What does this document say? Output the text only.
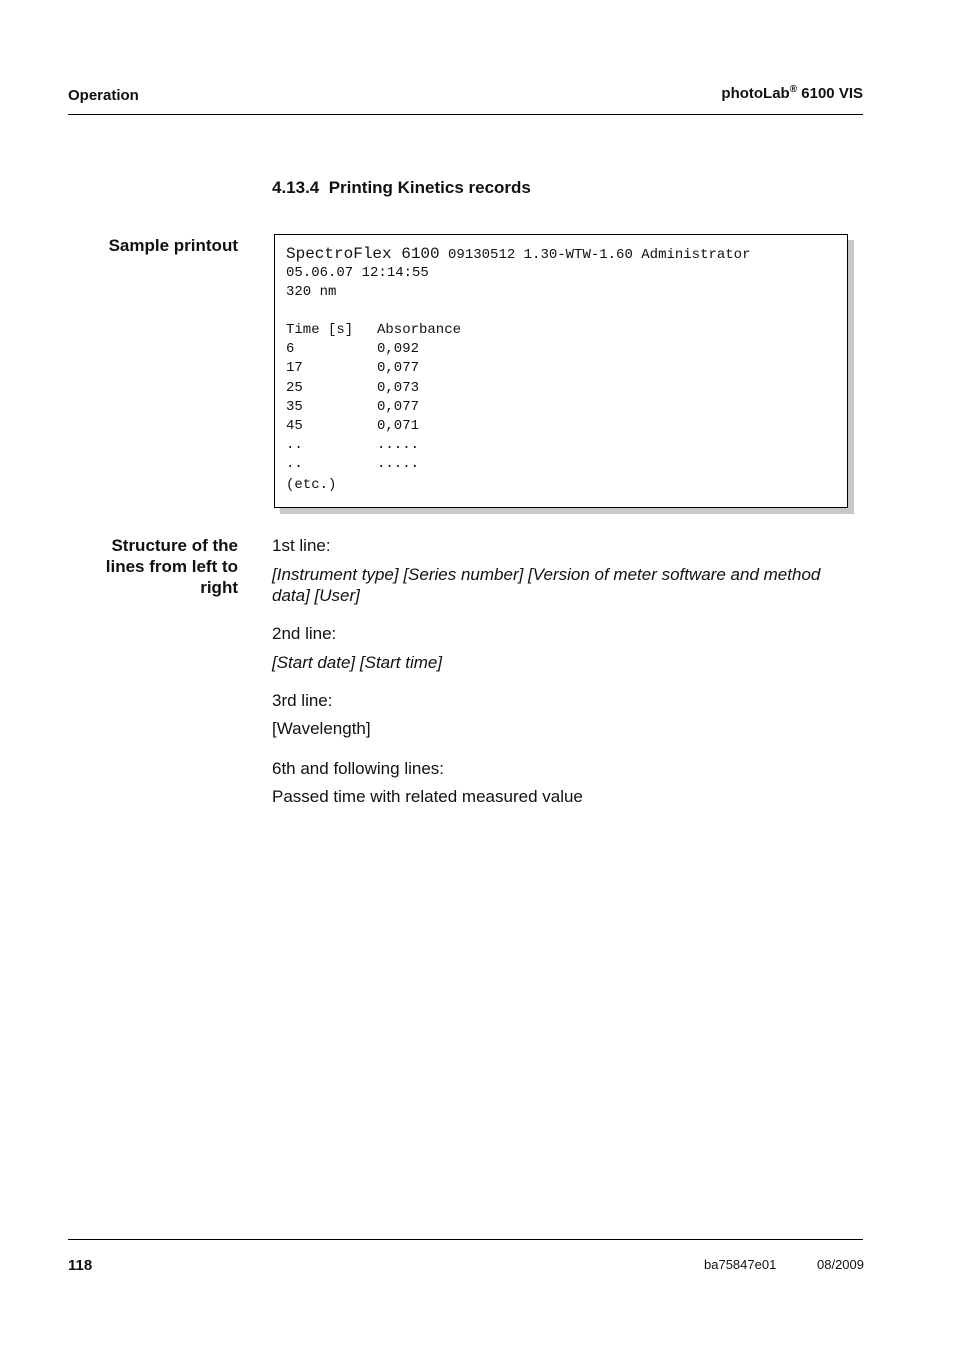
Operation	photoLab® 6100 VIS
4.13.4 Printing Kinetics records
Sample printout	SpectroFlex 6100 09130512 1.30-WTW-1.60 Administrator
05.06.07 12:14:55
320 nm
Time [s] Absorbance
6	0,092
17	0,077
25	0,073
35	0,077
45	0,071
..	.....
..	.....
(etc.)
Structure of the
lines from left to
right
1st line:
[Instrument type] [Series number] [Version of meter software and method data] [User]
2nd line:
[Start date] [Start time]
3rd line:
[Wavelength]
6th and following lines:
Passed time with related measured value
118	ba75847e01	08/2009
